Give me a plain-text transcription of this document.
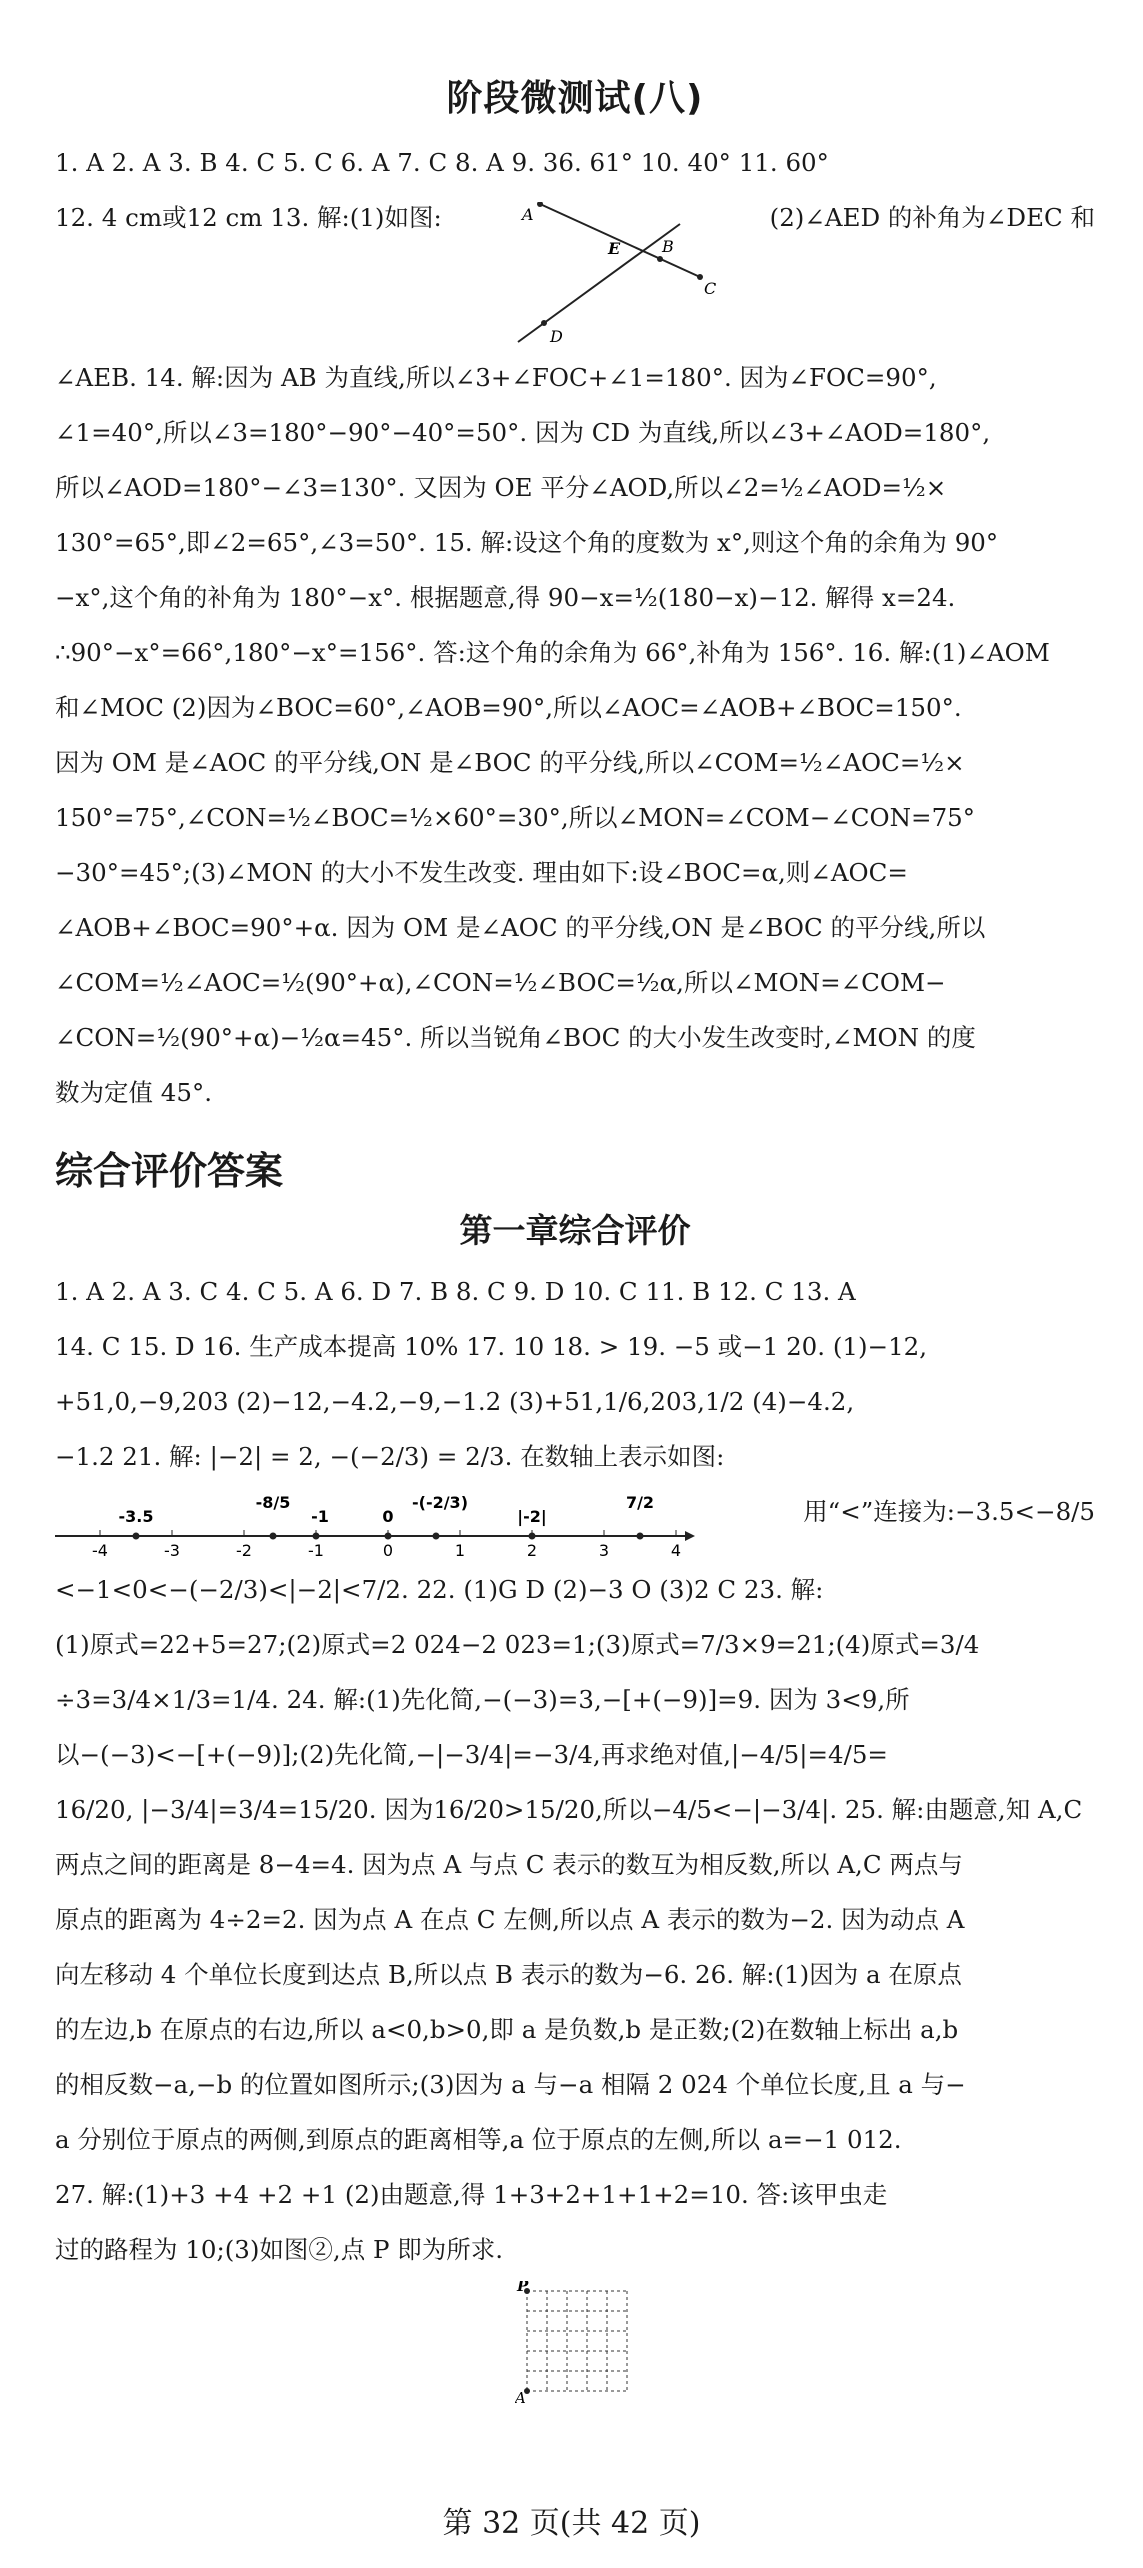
阶段微测试(八)
1. A 2. A 3. B 4. C 5. C 6. A 7. C 8. A 9. 36. 61° 10. 40° 11. 60°
12. 4 cm或12 cm 13. 解:(1)如图:	A
B
E
C
D
(2)∠AED 的补角为∠DEC 和
∠AEB. 14. 解:因为 AB 为直线,所以∠3+∠FOC+∠1=180°. 因为∠FOC=90°,
∠1=40°,所以∠3=180°−90°−40°=50°. 因为 CD 为直线,所以∠3+∠AOD=180°,
所以∠AOD=180°−∠3=130°. 又因为 OE 平分∠AOD,所以∠2=½∠AOD=½×
130°=65°,即∠2=65°,∠3=50°. 15. 解:设这个角的度数为 x°,则这个角的余角为 90°
−x°,这个角的补角为 180°−x°. 根据题意,得 90−x=½(180−x)−12. 解得 x=24.
∴90°−x°=66°,180°−x°=156°. 答:这个角的余角为 66°,补角为 156°. 16. 解:(1)∠AOM
和∠MOC (2)因为∠BOC=60°,∠AOB=90°,所以∠AOC=∠AOB+∠BOC=150°.
因为 OM 是∠AOC 的平分线,ON 是∠BOC 的平分线,所以∠COM=½∠AOC=½×
150°=75°,∠CON=½∠BOC=½×60°=30°,所以∠MON=∠COM−∠CON=75°
−30°=45°;(3)∠MON 的大小不发生改变. 理由如下:设∠BOC=α,则∠AOC=
∠AOB+∠BOC=90°+α. 因为 OM 是∠AOC 的平分线,ON 是∠BOC 的平分线,所以
∠COM=½∠AOC=½(90°+α),∠CON=½∠BOC=½α,所以∠MON=∠COM−
∠CON=½(90°+α)−½α=45°. 所以当锐角∠BOC 的大小发生改变时,∠MON 的度
数为定值 45°.
综合评价答案
第一章综合评价
1. A 2. A 3. C 4. C 5. A 6. D 7. B 8. C 9. D 10. C 11. B 12. C 13. A
14. C 15. D 16. 生产成本提高 10% 17. 10 18. > 19. −5 或−1 20. (1)−12,
+51,0,−9,203 (2)−12,−4.2,−9,−1.2 (3)+51,1/6,203,1/2 (4)−4.2,
−1.2 21. 解: |−2| = 2, −(−2/3) = 2/3. 在数轴上表示如图:
-4	-3	-2	-1	0	1	2	3	4
-3.5
-8/5
-1	0
-(-2/3)
|-2|
7/2	用“<”连接为:−3.5<−8/5
<−1<0<−(−2/3)<|−2|<7/2. 22. (1)G D (2)−3 O (3)2 C 23. 解:
(1)原式=22+5=27;(2)原式=2 024−2 023=1;(3)原式=7/3×9=21;(4)原式=3/4
÷3=3/4×1/3=1/4. 24. 解:(1)先化简,−(−3)=3,−[+(−9)]=9. 因为 3<9,所
以−(−3)<−[+(−9)];(2)先化简,−|−3/4|=−3/4,再求绝对值,|−4/5|=4/5=
16/20, |−3/4|=3/4=15/20. 因为16/20>15/20,所以−4/5<−|−3/4|. 25. 解:由题意,知 A,C
两点之间的距离是 8−4=4. 因为点 A 与点 C 表示的数互为相反数,所以 A,C 两点与
原点的距离为 4÷2=2. 因为点 A 在点 C 左侧,所以点 A 表示的数为−2. 因为动点 A
向左移动 4 个单位长度到达点 B,所以点 B 表示的数为−6. 26. 解:(1)因为 a 在原点
的左边,b 在原点的右边,所以 a<0,b>0,即 a 是负数,b 是正数;(2)在数轴上标出 a,b
的相反数−a,−b 的位置如图所示;(3)因为 a 与−a 相隔 2 024 个单位长度,且 a 与−
a 分别位于原点的两侧,到原点的距离相等,a 位于原点的左侧,所以 a=−1 012.
27. 解:(1)+3 +4 +2 +1 (2)由题意,得 1+3+2+1+1+2=10. 答:该甲虫走
过的路程为 10;(3)如图②,点 P 即为所求.
P
A
第 32 页(共 42 页)
